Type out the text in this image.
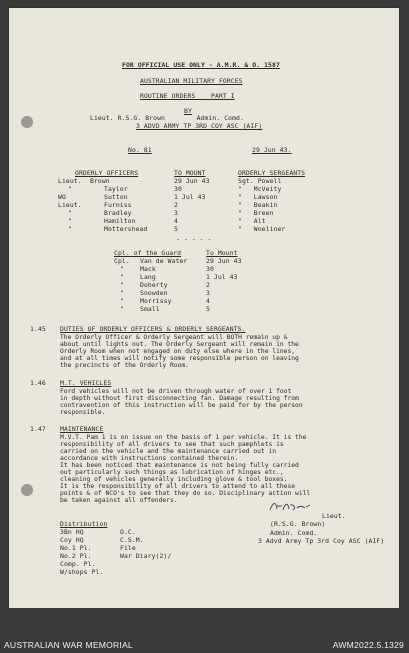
FOR OFFICIAL USE ONLY - A.M.R. & O. 1587
AUSTRALIAN MILITARY FORCES
ROUTINE ORDERS    PART I
BY
Lieut. R.S.G. Brown        Admin. Comd.
3 ADVD ARMY TP 3RD COY ASC (AIF)
No. 81	29 Jun 43.
ORDERLY OFFICERS	TO MOUNT	ORDERLY SERGEANTS
Lieut. Brown	29 Jun 43	Sgt. Powell
"	Taylor	30	"   McVeity
WO	Sutton	1 Jul 43	"   Lawson
Lieut.	Furniss	2	"   Beakin
"	Bradley	3	"   Breen
"	Hamilton	4	"   Alt
"	Mottershead	5	"   Woeliner
- - - - -
Cpl. of the Guard	To Mount
Cpl. Van de Water	29 Jun 43
"	Mack	30
"	Lang	1 Jul 43
"	Doherty	2
"	Snowden	3
"	Morrissy	4
"	Small	5
1.45 DUTIES OF ORDERLY OFFICERS & ORDERLY SERGEANTS.
The Orderly Officer & Orderly Sergeant will BOTH remain up &
about until lights out. The Orderly Sergeant will remain in the
Orderly Room when not engaged on duty else where in the lines,
and at all times will notify some responsible person on leaving
the precincts of the Orderly Room.
1.46 M.T. VEHICLES
Ford vehicles will not be driven through water of over 1 foot
in depth without first disconnecting fan. Damage resulting from
contravention of this instruction will be paid for by the person
responsible.
1.47 MAINTENANCE
M.V.T. Pam 1 is on issue on the basis of 1 per vehicle. It is the
responsibility of all drivers to see that such pamphlets is
carried on the vehicle and the maintenance carried out in
accordance with instructions contained therein.
It has been noticed that maintenance is not being fully carried
out particularly such things as lubrication of hinges etc.,
cleaning of vehicles generally including glove & tool boxes.
It is the responsibility of all drivers to attend to all these
points & of NCO's to see that they do so. Disciplinary action will
be taken against all offenders.
Lieut.
(R.S.G. Brown)
Admin. Comd.
3 Advd Army Tp 3rd Coy ASC (AIF)
Distribution
3Bn HQ
Coy HQ
No.1 Pl.
No.2 Pl.
Comp. Pl.
W/shops Pl.
O.C.
C.S.M.
File
War Diary(2)/
AUSTRALIAN WAR MEMORIAL	AWM2022.5.1329
